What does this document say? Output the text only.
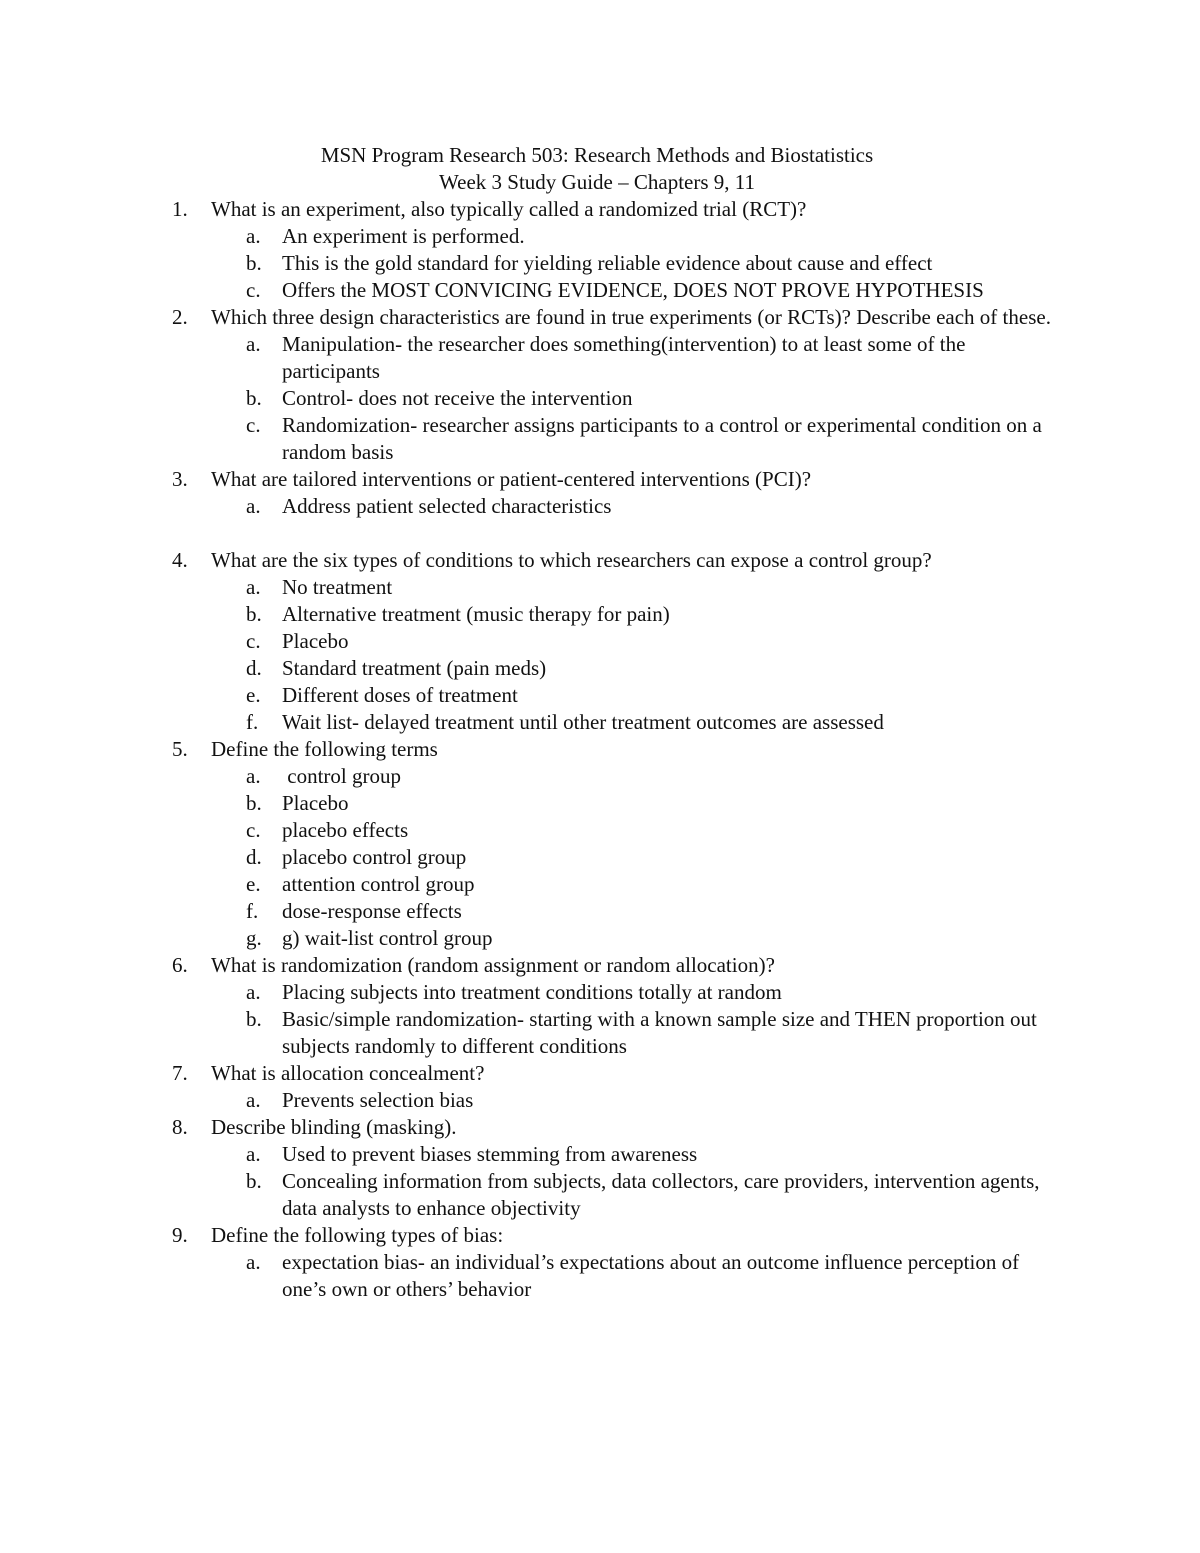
MSN Program Research 503: Research Methods and Biostatistics
Week 3 Study Guide – Chapters 9, 11
1.	What is an experiment, also typically called a randomized trial (RCT)?
a.	An experiment is performed.
b. This is the gold standard for yielding reliable evidence about cause and effect
c.	Offers the MOST CONVICING EVIDENCE, DOES NOT PROVE HYPOTHESIS
2.	Which three design characteristics are found in true experiments (or RCTs)? Describe each of these.
a.	Manipulation- the researcher does something(intervention) to at least some of the participants
b. Control- does not receive the intervention
c.	Randomization- researcher assigns participants to a control or experimental condition on a random basis
3.	What are tailored interventions or patient-centered interventions (PCI)?
a.	Address patient selected characteristics
4.	What are the six types of conditions to which researchers can expose a control group?
a.	No treatment
b. Alternative treatment (music therapy for pain)
c.	Placebo
d. Standard treatment (pain meds)
e.	Different doses of treatment
f.	Wait list- delayed treatment until other treatment outcomes are assessed
5.	Define the following terms
a.	control group
b. Placebo
c.	placebo effects
d. placebo control group
e.	attention control group
f.	dose-response effects
g. g) wait-list control group
6.	What is randomization (random assignment or random allocation)?
a.	Placing subjects into treatment conditions totally at random
b. Basic/simple randomization- starting with a known sample size and THEN proportion out subjects randomly to different conditions
7.	What is allocation concealment?
a.	Prevents selection bias
8.	Describe blinding (masking).
a.	Used to prevent biases stemming from awareness
b. Concealing information from subjects, data collectors, care providers, intervention agents, data analysts to enhance objectivity
9.	Define the following types of bias:
a.	expectation bias- an individual’s expectations about an outcome influence perception of one’s own or others’ behavior
